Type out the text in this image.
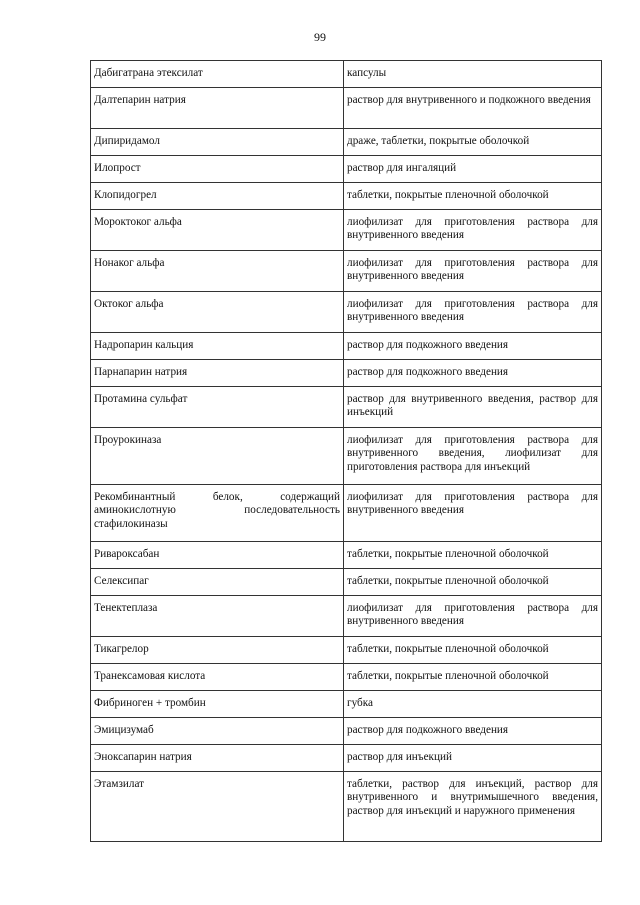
99
Дабигатрана этексилат	капсулы
Далтепарин натрия	раствор для внутривенного и подкожного введения
Дипиридамол	драже, таблетки, покрытые оболочкой
Илопрост	раствор для ингаляций
Клопидогрел	таблетки, покрытые пленочной оболочкой
Мороктоког альфа	лиофилизат для приготовления раствора для внутривенного введения
Нонаког альфа	лиофилизат для приготовления раствора для внутривенного введения
Октоког альфа	лиофилизат для приготовления раствора для внутривенного введения
Надропарин кальция	раствор для подкожного введения
Парнапарин натрия	раствор для подкожного введения
Протамина сульфат	раствор для внутривенного введения, раствор для инъекций
Проурокиназа	лиофилизат для приготовления раствора для внутривенного введения, лиофилизат для приготовления раствора для инъекций
Рекомбинантный белок, содержащий аминокислотную последовательность стафилокиназы	лиофилизат для приготовления раствора для внутривенного введения
Ривароксабан	таблетки, покрытые пленочной оболочкой
Селексипаг	таблетки, покрытые пленочной оболочкой
Тенектеплаза	лиофилизат для приготовления раствора для внутривенного введения
Тикагрелор	таблетки, покрытые пленочной оболочкой
Транексамовая кислота	таблетки, покрытые пленочной оболочкой
Фибриноген + тромбин	губка
Эмицизумаб	раствор для подкожного введения
Эноксапарин натрия	раствор для инъекций
Этамзилат	таблетки, раствор для инъекций, раствор для внутривенного и внутримышечного введения, раствор для инъекций и наружного применения
